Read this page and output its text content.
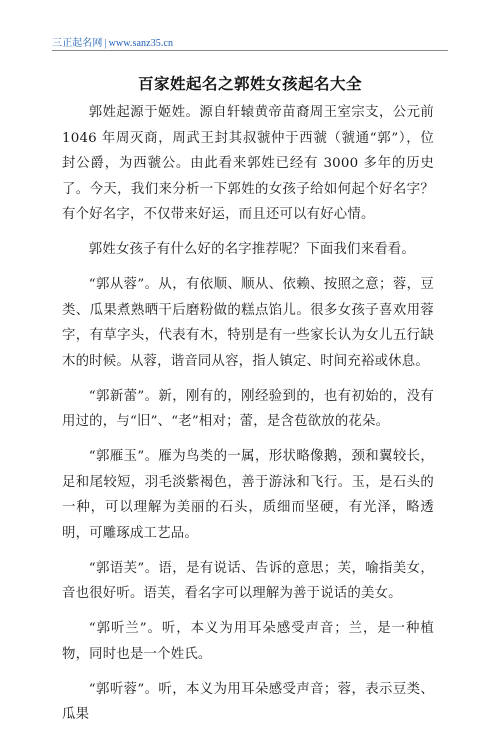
三正起名网 | www.sanz35.cn
百家姓起名之郭姓女孩起名大全

郭姓起源于姬姓。源自轩辕黄帝苗裔周王室宗支，公元前 1046 年周灭商，周武王封其叔虢仲于西虢（虢通“郭”），位封公爵，为西虢公。由此看来郭姓已经有 3000 多年的历史了。今天，我们来分析一下郭姓的女孩子给如何起个好名字？有个好名字，不仅带来好运，而且还可以有好心情。

郭姓女孩子有什么好的名字推荐呢？下面我们来看看。

“郭从蓉”。从，有依顺、顺从、依赖、按照之意；蓉，豆类、瓜果煮熟晒干后磨粉做的糕点馅儿。很多女孩子喜欢用蓉字，有草字头，代表有木，特别是有一些家长认为女儿五行缺木的时候。从蓉，谐音同从容，指人镇定、时间充裕或休息。

“郭新蕾”。新，刚有的，刚经验到的，也有初始的，没有用过的，与“旧”、“老”相对；蕾，是含苞欲放的花朵。

“郭雁玉”。雁为鸟类的一属，形状略像鹅，颈和翼较长，足和尾较短，羽毛淡紫褐色，善于游泳和飞行。玉，是石头的一种，可以理解为美丽的石头，质细而坚硬，有光泽，略透明，可雕琢成工艺品。

“郭语芙”。语，是有说话、告诉的意思；芙，喻指美女，音也很好听。语芙，看名字可以理解为善于说话的美女。

“郭听兰”。听，本义为用耳朵感受声音；兰，是一种植物，同时也是一个姓氏。

“郭听蓉”。听，本义为用耳朵感受声音；蓉，表示豆类、瓜果
